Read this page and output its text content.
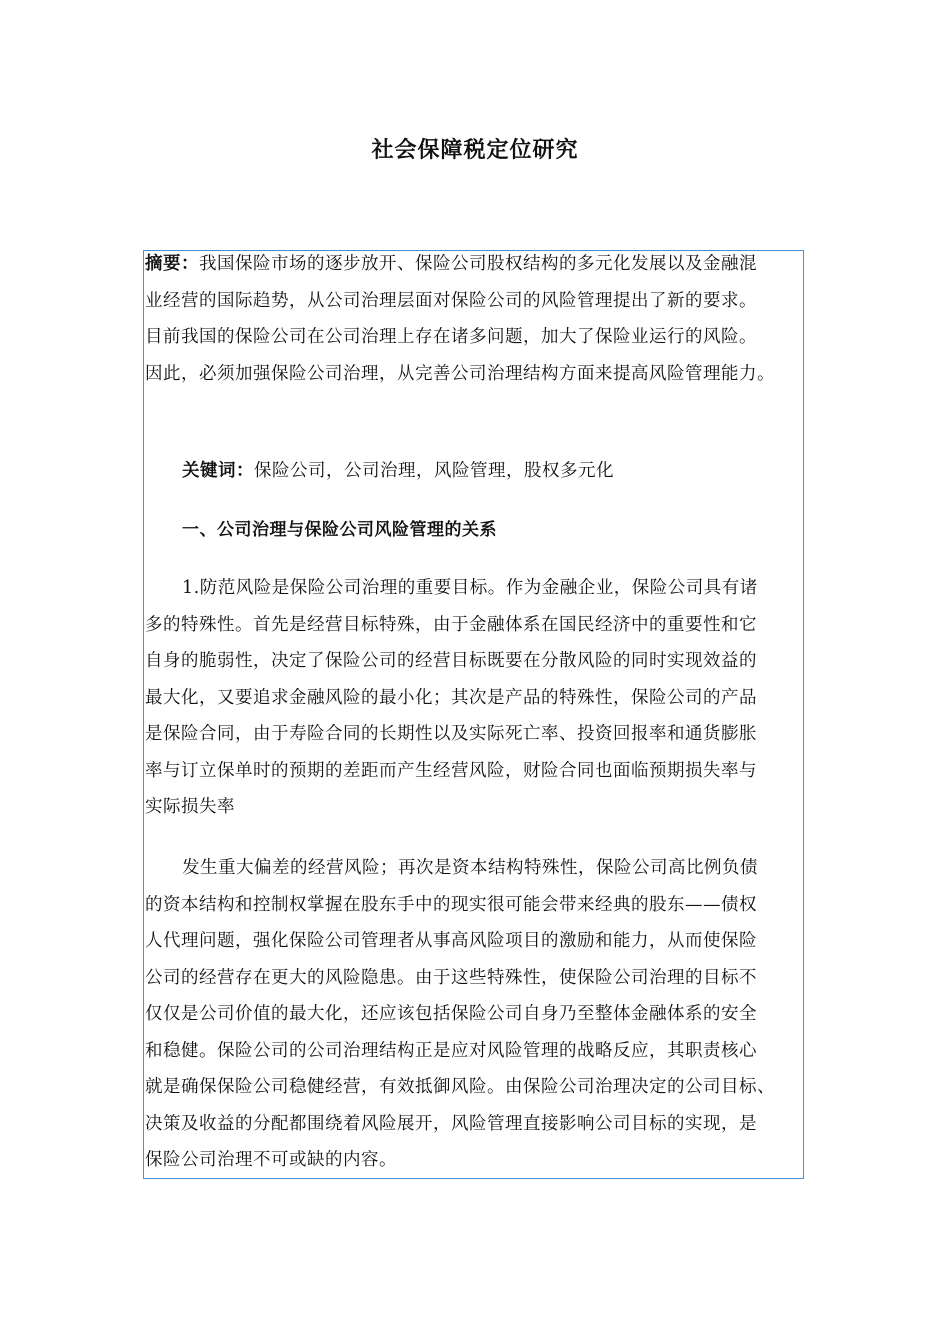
社会保障税定位研究
摘要：我国保险市场的逐步放开、保险公司股权结构的多元化发展以及金融混
业经营的国际趋势，从公司治理层面对保险公司的风险管理提出了新的要求。
目前我国的保险公司在公司治理上存在诸多问题，加大了保险业运行的风险。
因此，必须加强保险公司治理，从完善公司治理结构方面来提高风险管理能力。
关键词：保险公司，公司治理，风险管理，股权多元化
一、公司治理与保险公司风险管理的关系
1.防范风险是保险公司治理的重要目标。作为金融企业，保险公司具有诸
多的特殊性。首先是经营目标特殊，由于金融体系在国民经济中的重要性和它
自身的脆弱性，决定了保险公司的经营目标既要在分散风险的同时实现效益的
最大化，又要追求金融风险的最小化；其次是产品的特殊性，保险公司的产品
是保险合同，由于寿险合同的长期性以及实际死亡率、投资回报率和通货膨胀
率与订立保单时的预期的差距而产生经营风险，财险合同也面临预期损失率与
实际损失率
发生重大偏差的经营风险；再次是资本结构特殊性，保险公司高比例负债
的资本结构和控制权掌握在股东手中的现实很可能会带来经典的股东——债权
人代理问题，强化保险公司管理者从事高风险项目的激励和能力，从而使保险
公司的经营存在更大的风险隐患。由于这些特殊性，使保险公司治理的目标不
仅仅是公司价值的最大化，还应该包括保险公司自身乃至整体金融体系的安全
和稳健。保险公司的公司治理结构正是应对风险管理的战略反应，其职责核心
就是确保保险公司稳健经营，有效抵御风险。由保险公司治理决定的公司目标、
决策及收益的分配都围绕着风险展开，风险管理直接影响公司目标的实现，是
保险公司治理不可或缺的内容。
